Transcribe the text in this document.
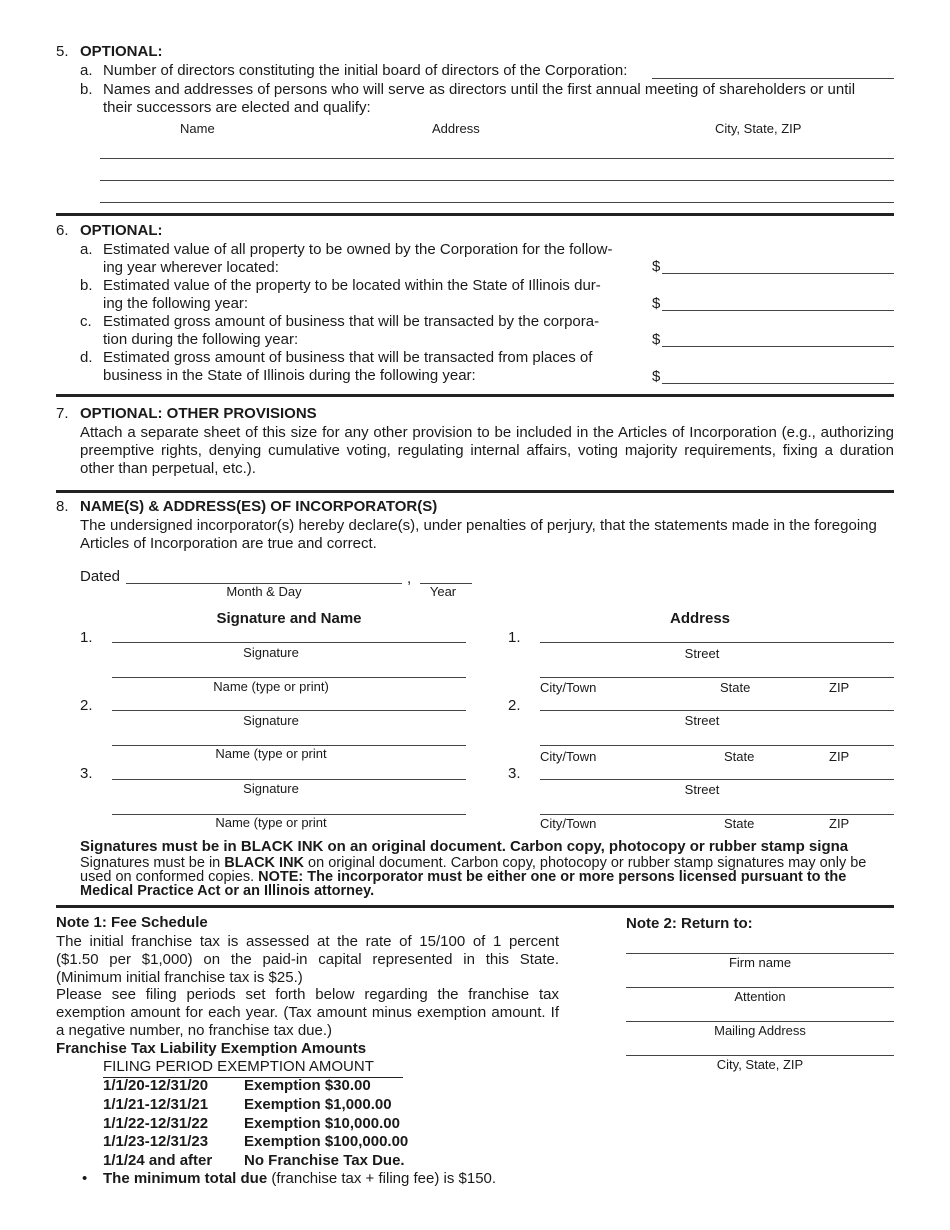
5. OPTIONAL:
a. Number of directors constituting the initial board of directors of the Corporation:
b. Names and addresses of persons who will serve as directors until the first annual meeting of shareholders or until
their successors are elected and qualify:
Name	Address	City, State, ZIP
6. OPTIONAL:
a. Estimated value of all property to be owned by the Corporation for the follow-
ing year wherever located:	$
b. Estimated value of the property to be located within the State of Illinois dur-
ing the following year:	$
c. Estimated gross amount of business that will be transacted by the corpora-
tion during the following year:	$
d. Estimated gross amount of business that will be transacted from places of
business in the State of Illinois during the following year:	$
7. OPTIONAL: OTHER PROVISIONS
Attach a separate sheet of this size for any other provision to be included in the Articles of Incorporation (e.g., authorizing preemptive rights, denying cumulative voting, regulating internal affairs, voting majority requirements, fixing a duration other than perpetual, etc.).
8. NAME(S) & ADDRESS(ES) OF INCORPORATOR(S)
The undersigned incorporator(s) hereby declare(s), under penalties of perjury, that the statements made in the foregoing Articles of Incorporation are true and correct.
Dated	,
Month & Day	Year
Signature and Name	Address
1.
Signature
Name (type or print)
1.
Street
City/Town	State	ZIP
2.
Signature
Name (type or print
2.
Street
City/Town	State	ZIP
3.
Signature
Name (type or print
3.
Street
City/Town	State	ZIP
Signatures must be in BLACK INK on an original document. Carbon copy, photocopy or rubber stamp signa
Signatures must be in BLACK INK on original document. Carbon copy, photocopy or rubber stamp signatures may only be used on conformed copies. NOTE: The incorporator must be either one or more persons licensed pursuant to the Medical Practice Act or an Illinois attorney.
Note 1: Fee Schedule
The initial franchise tax is assessed at the rate of 15/100 of 1 percent ($1.50 per $1,000) on the paid-in capital represented in this State. (Minimum initial franchise tax is $25.)
Please see filing periods set forth below regarding the franchise tax exemption amount for each year. (Tax amount minus exemption amount. If a negative number, no franchise tax due.)
Franchise Tax Liability Exemption Amounts
FILING PERIOD EXEMPTION AMOUNT
1/1/20-12/31/20 Exemption $30.00
1/1/21-12/31/21 Exemption $1,000.00
1/1/22-12/31/22 Exemption $10,000.00
1/1/23-12/31/23 Exemption $100,000.00
1/1/24 and after No Franchise Tax Due.
• The minimum total due (franchise tax + filing fee) is $150.
Note 2: Return to:
Firm name
Attention
Mailing Address
City, State, ZIP
